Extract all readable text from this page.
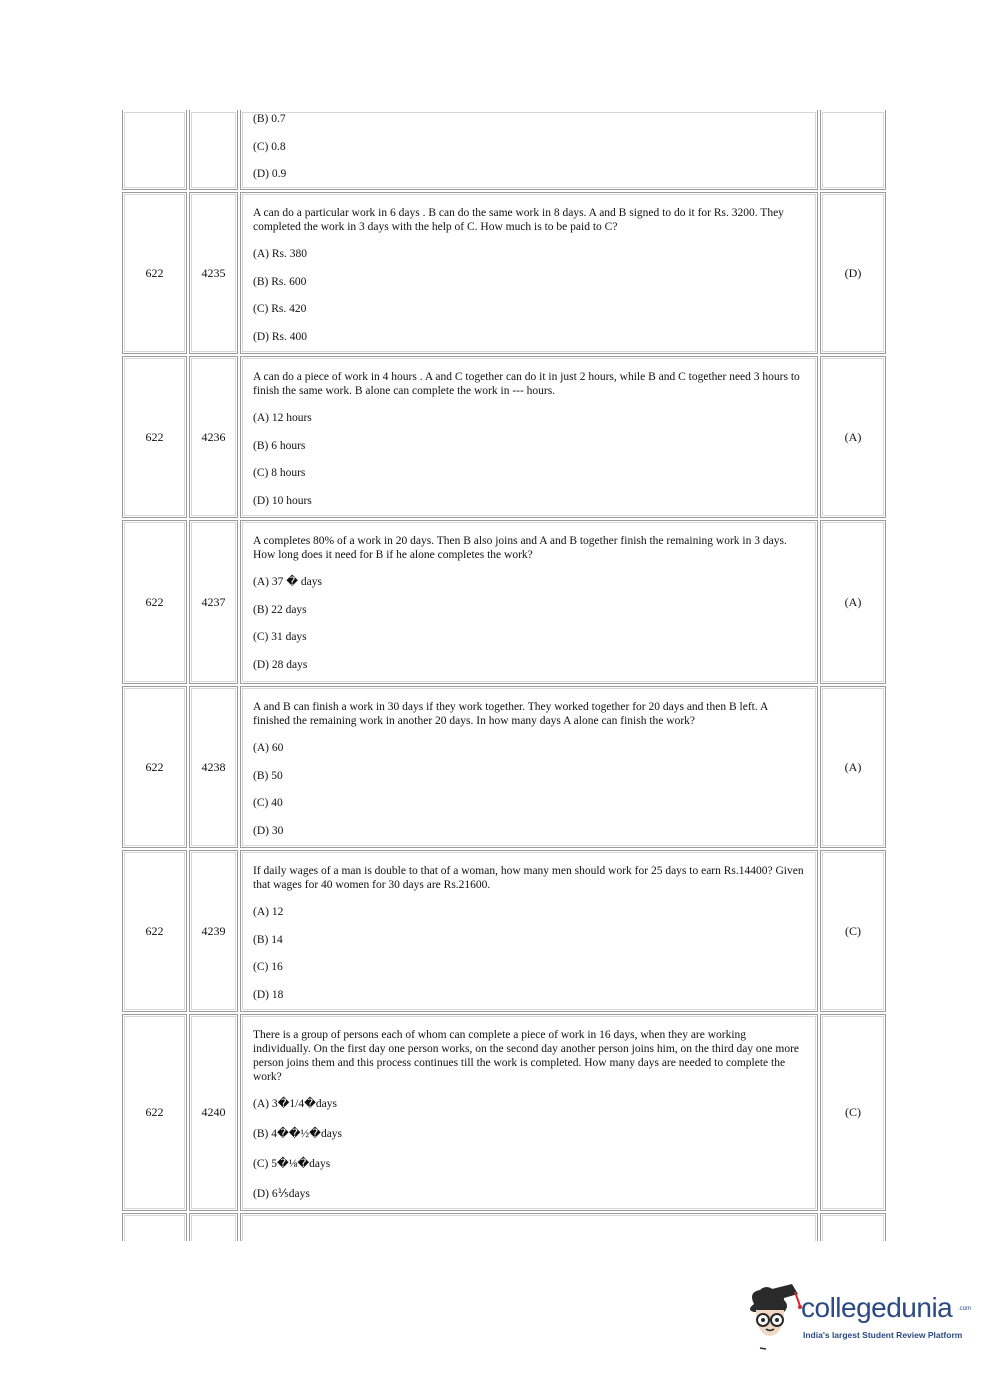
(B) 0.7
(C) 0.8
(D) 0.9
622	4235

A can do a particular work in 6 days . B can do the same work in 8 days. A and B signed to do it for Rs. 3200. They completed the work in 3 days with the help of C. How much is to be paid to C?

(A) Rs. 380
(B) Rs. 600
(C) Rs. 420
(D) Rs. 400
(D)
622	4236

A can do a piece of work in 4 hours . A and C together can do it in just 2 hours, while B and C together need 3 hours to finish the same work. B alone can complete the work in --- hours.

(A) 12 hours
(B) 6 hours
(C) 8 hours
(D) 10 hours
(A)
622	4237

A completes 80% of a work in 20 days. Then B also joins and A and B together finish the remaining work in 3 days. How long does it need for B if he alone completes the work?

(A) 37 � days
(B) 22 days
(C) 31 days
(D) 28 days
(A)
622	4238

A and B can finish a work in 30 days if they work together. They worked together for 20 days and then B left. A finished the remaining work in another 20 days. In how many days A alone can finish the work?

(A) 60
(B) 50
(C) 40
(D) 30
(A)
622	4239

If daily wages of a man is double to that of a woman, how many men should work for 25 days to earn Rs.14400? Given that wages for 40 women for 30 days are Rs.21600.

(A) 12
(B) 14
(C) 16
(D) 18
(C)
622	4240

There is a group of persons each of whom can complete a piece of work in 16 days, when they are working individually. On the first day one person works, on the second day another person joins him, on the third day one more person joins them and this process continues till the work is completed. How many days are needed to complete the work?

(A) 3�1/4�days
(B) 4��½�days
(C) 5�⅛�days
(D) 6⅕days
(C)
collegedunia .com
India's largest Student Review Platform
